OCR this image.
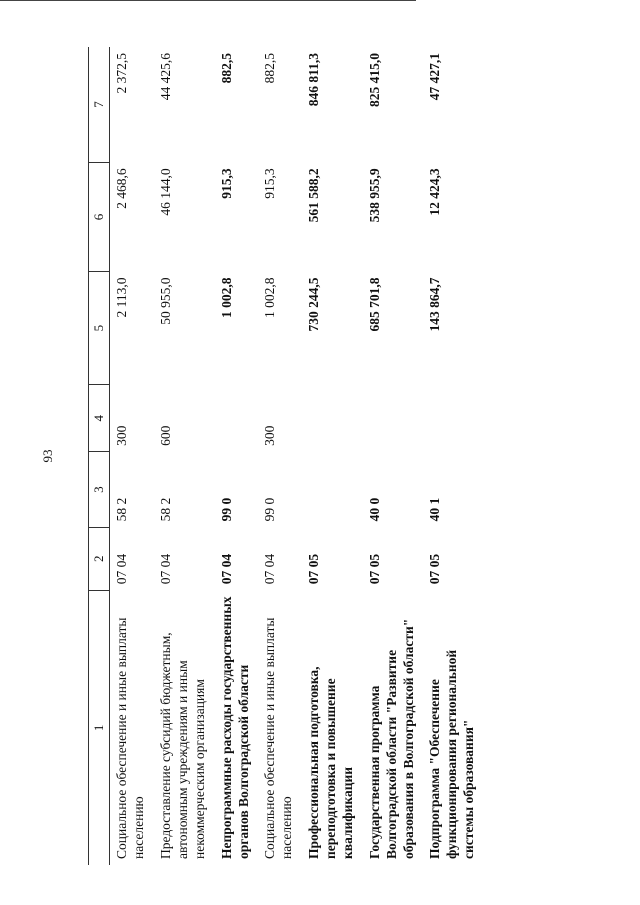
93
1	2	3	4	5	6	7
Социальное обеспечение и иные выплаты населению	07 04	58 2	300	2 113,0	2 468,6	2 372,5
Предоставление субсидий бюджетным, автономным учреждениям и иным некоммерческим организациям	07 04	58 2	600	50 955,0	46 144,0	44 425,6
Непрограммные расходы государственных органов Волгоградской области	07 04	99 0		1 002,8	915,3	882,5
Социальное обеспечение и иные выплаты населению	07 04	99 0	300	1 002,8	915,3	882,5
Профессиональная подготовка, переподготовка и повышение квалификации	07 05			730 244,5	561 588,2	846 811,3
Государственная программа Волгоградской области "Развитие образования в Волгоградской области"	07 05	40 0		685 701,8	538 955,9	825 415,0
Подпрограмма "Обеспечение функционирования региональной системы образования"	07 05	40 1		143 864,7	12 424,3	47 427,1
